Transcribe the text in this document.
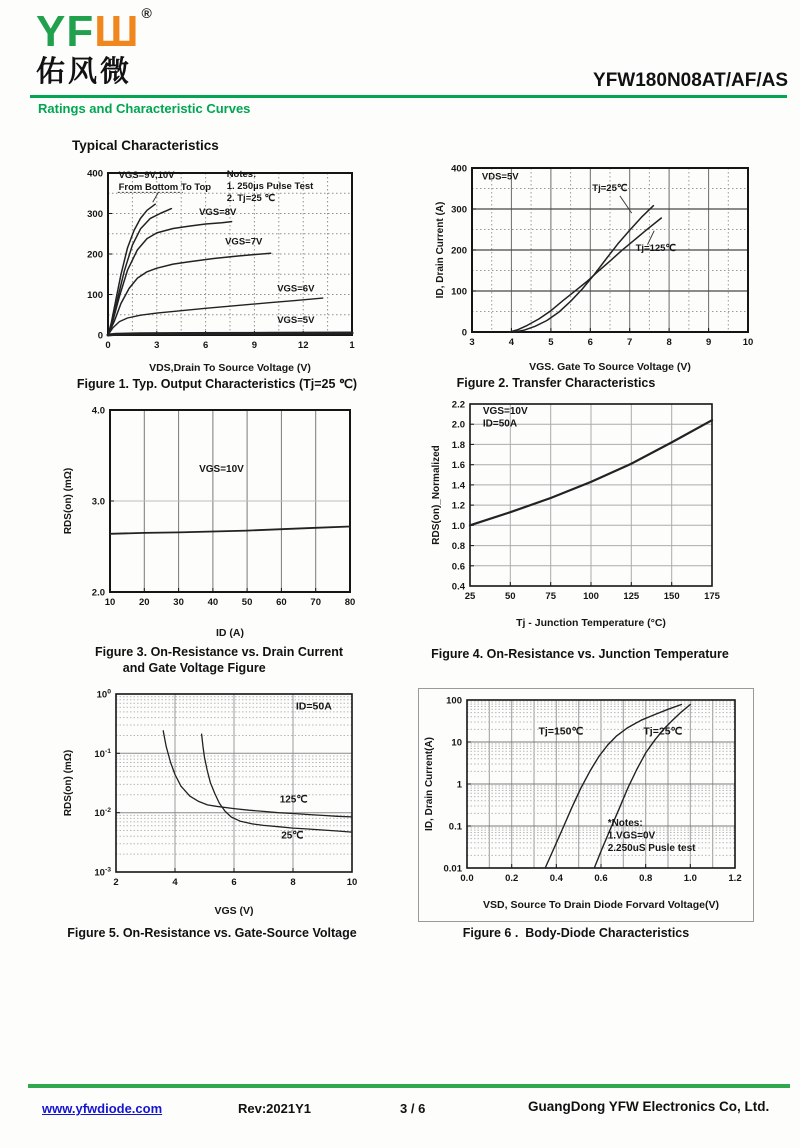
YFШ ®
佑风微	YFW180N08AT/AF/AS
Ratings and Characteristic Curves
Typical Characteristics
0	3	6	9	12	1
0
100
200
300
400 VGS=9V,10V
From Bottom To Top
Notes:
1. 250µs Pulse Test
2. Tj=25 ℃
VGS=8V
VGS=7V
VGS=6V
VGS=5V
VDS,Drain To Source Voltage (V)
Figure 1. Typ. Output Characteristics (Tj=25 ℃)
3	4	5	6	7	8	9	10
0
100
200
300
400
VDS=5V
Tj=25℃
Tj=125℃
VGS. Gate To Source Voltage (V)
ID, Drain Current (A)
Figure 2. Transfer Characteristics
10 20 30 40 50 60 70 80
2.0
3.0
4.0
VGS=10V
ID (A)
RDS(on) (mΩ)
Figure 3. On-Resistance vs. Drain Current
and Gate Voltage Figure
25	50	75	100	125	150	175
0.4
0.6
0.8
1.0
1.2
1.4
1.6
1.8
2.0
2.2
VGS=10V
ID=50A
Tj - Junction Temperature (°C)
RDS(on)_Normalized
Figure 4. On-Resistance vs. Junction Temperature
2	4	6	8	10
$10^0$
$10^{-1}$
$10^{-2}$
$10^{-3}$
ID=50A
125℃
25℃
VGS (V)
RDS(on) (mΩ)
Figure 5. On-Resistance vs. Gate-Source Voltage
0.0	0.2	0.4	0.6	0.8	1.0	1.2
100
10
1
0.1
0.01
Tj=150℃	Tj=25℃
*Notes:
1.VGS=0V
2.250uS Pusle test
VSD, Source To Drain Diode Forvard Voltage(V)
ID, Drain Current(A)
Figure 6 .  Body-Diode Characteristics
www.yfwdiode.com	Rev:2021Y1	3 / 6	GuangDong YFW Electronics Co, Ltd.
